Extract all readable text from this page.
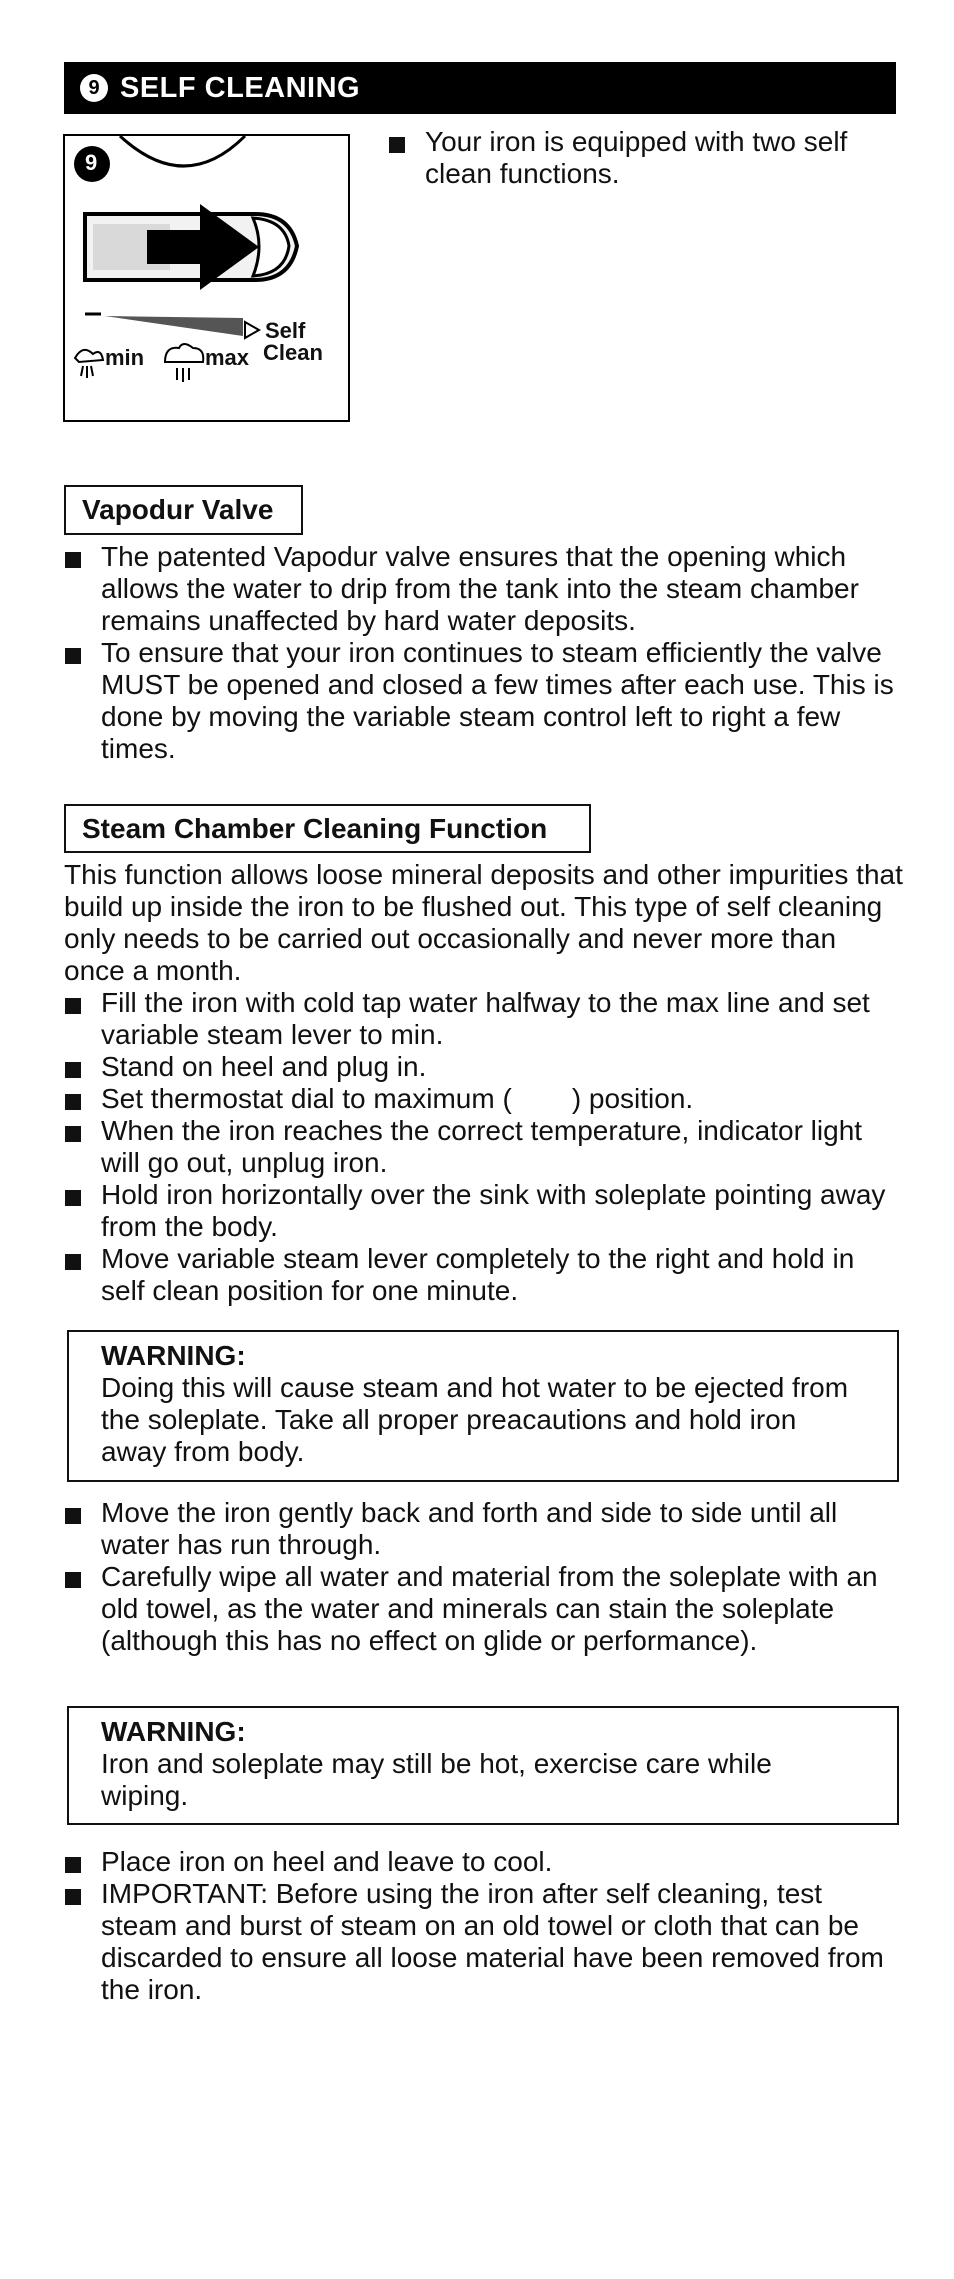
9 SELF CLEANING
9
min	max
Self
Clean
Your iron is equipped with two self clean functions.
Vapodur Valve
The patented Vapodur valve ensures that the opening which allows the water to drip from the tank into the steam chamber remains unaffected by hard water deposits.
To ensure that your iron continues to steam efficiently the valve MUST be opened and closed a few times after each use. This is done by moving the variable steam control left to right a few times.
Steam Chamber Cleaning Function
This function allows loose mineral deposits and other impurities that build up inside the iron to be flushed out. This type of self cleaning only needs to be carried out occasionally and never more than once a month.
Fill the iron with cold tap water halfway to the max line and set variable steam lever to min.
Stand on heel and plug in.
Set thermostat dial to maximum ( ) position.
When the iron reaches the correct temperature, indicator light will go out, unplug iron.
Hold iron horizontally over the sink with soleplate pointing away from the body.
Move variable steam lever completely to the right and hold in self clean position for one minute.
WARNING:
Doing this will cause steam and hot water to be ejected from the soleplate. Take all proper preacautions and hold iron away from body.
Move the iron gently back and forth and side to side until all water has run through.
Carefully wipe all water and material from the soleplate with an old towel, as the water and minerals can stain the soleplate (although this has no effect on glide or performance).
WARNING:
Iron and soleplate may still be hot, exercise care while wiping.
Place iron on heel and leave to cool.
IMPORTANT: Before using the iron after self cleaning, test steam and burst of steam on an old towel or cloth that can be discarded to ensure all loose material have been removed from the iron.
